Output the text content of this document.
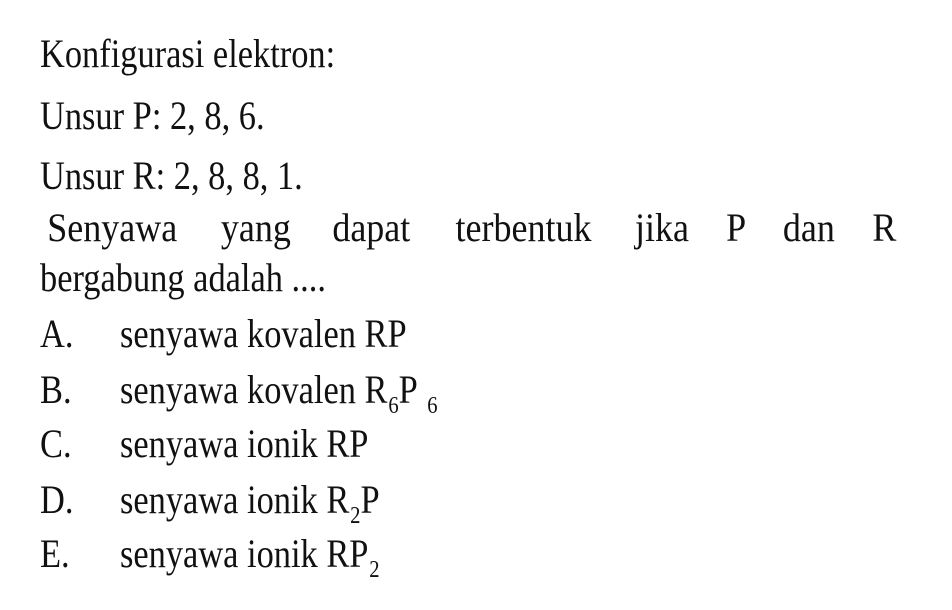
Konfigurasi elektron:
Unsur P: 2, 8, 6.
Unsur R: 2, 8, 8, 1.
Senyawa yang dapat terbentuk jika P dan R
bergabung adalah ....
A. senyawa kovalen RP
B. senyawa kovalen $R_6P$ $_6$
C. senyawa ionik RP
D. senyawa ionik $R_2P$
E. senyawa ionik $RP_2$
